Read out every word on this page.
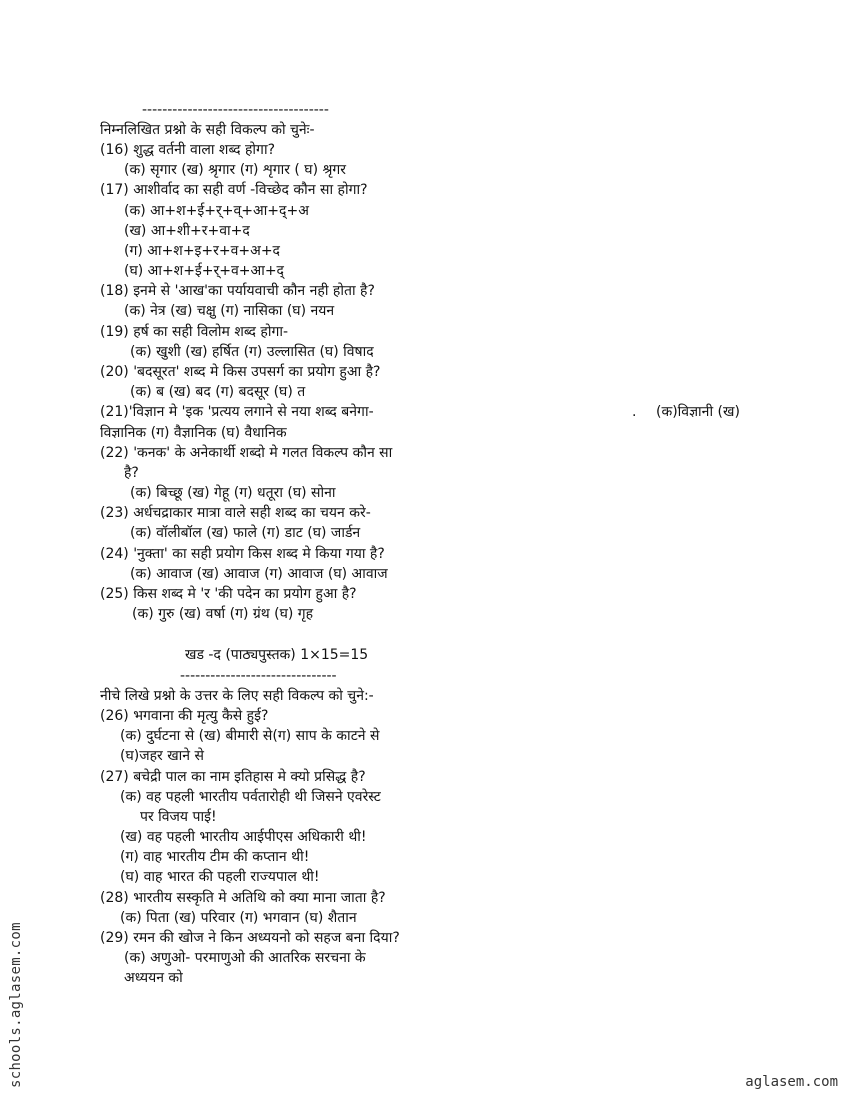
-------------------------------------
निम्नलिखित प्रश्नो के सही विकल्प को चुनेः-
(16) शुद्ध वर्तनी वाला शब्द होगा?
(क) सृगार (ख) श्रृगार (ग) शृगार ( घ) श्रृगर
(17) आशीर्वाद का सही वर्ण -विच्छेद कौन सा होगा?
(क) आ+श+ई+र्+व्+आ+द्+अ
(ख) आ+शी+र+वा+द
(ग) आ+श+इ+र+व+अ+द
(घ) आ+श+ई+र्+व+आ+द्
(18) इनमे से 'आख'का पर्यायवाची कौन नही होता है?
(क) नेत्र (ख) चक्षु (ग) नासिका (घ) नयन
(19) हर्ष का सही विलोम शब्द होगा-
(क) खुशी (ख) हर्षित (ग) उल्लासित (घ) विषाद
(20) 'बदसूरत' शब्द मे किस उपसर्ग का प्रयोग हुआ है?
(क) ब (ख) बद (ग) बदसूर (घ) त
(21)'विज्ञान मे 'इक 'प्रत्यय लगाने से नया शब्द बनेगा-	. (क)विज्ञानी (ख)
विज्ञानिक (ग) वैज्ञानिक (घ) वैधानिक
(22) 'कनक' के अनेकार्थी शब्दो मे गलत विकल्प कौन सा
है?
(क) बिच्छू (ख) गेहू (ग) धतूरा (घ) सोना
(23) अर्धचद्राकार मात्रा वाले सही शब्द का चयन करे-
(क) वॉलीबॉल (ख) फाले (ग) डाट (घ) जार्डन
(24) 'नुक्ता' का सही प्रयोग किस शब्द मे किया गया है?
(क) आवाज (ख) आवाज (ग) आवाज (घ) आवाज
(25) किस शब्द मे 'र 'की पदेन का प्रयोग हुआ है?
(क) गुरु (ख) वर्षा (ग) ग्रंथ (घ) गृह
खड -द (पाठ्यपुस्तक) 1×15=15
-------------------------------
नीचे लिखे प्रश्नो के उत्तर के लिए सही विकल्प को चुने:-
(26) भगवाना की मृत्यु कैसे हुई?
(क) दुर्घटना से (ख) बीमारी से(ग) साप के काटने से
(घ)जहर खाने से
(27) बचेद्री पाल का नाम इतिहास मे क्यो प्रसिद्ध है?
(क) वह पहली भारतीय पर्वतारोही थी जिसने एवरेस्ट
पर विजय पाई!
(ख) वह पहली भारतीय आईपीएस अधिकारी थी!
(ग) वाह भारतीय टीम की कप्तान थी!
(घ) वाह भारत की पहली राज्यपाल थी!
(28) भारतीय सस्कृति मे अतिथि को क्या माना जाता है?
(क) पिता (ख) परिवार (ग) भगवान (घ) शैतान
(29) रमन की खोज ने किन अध्ययनो को सहज बना दिया?
(क) अणुओ- परमाणुओ की आतरिक सरचना के
अध्ययन को
schools.aglasem.com	aglasem.com
